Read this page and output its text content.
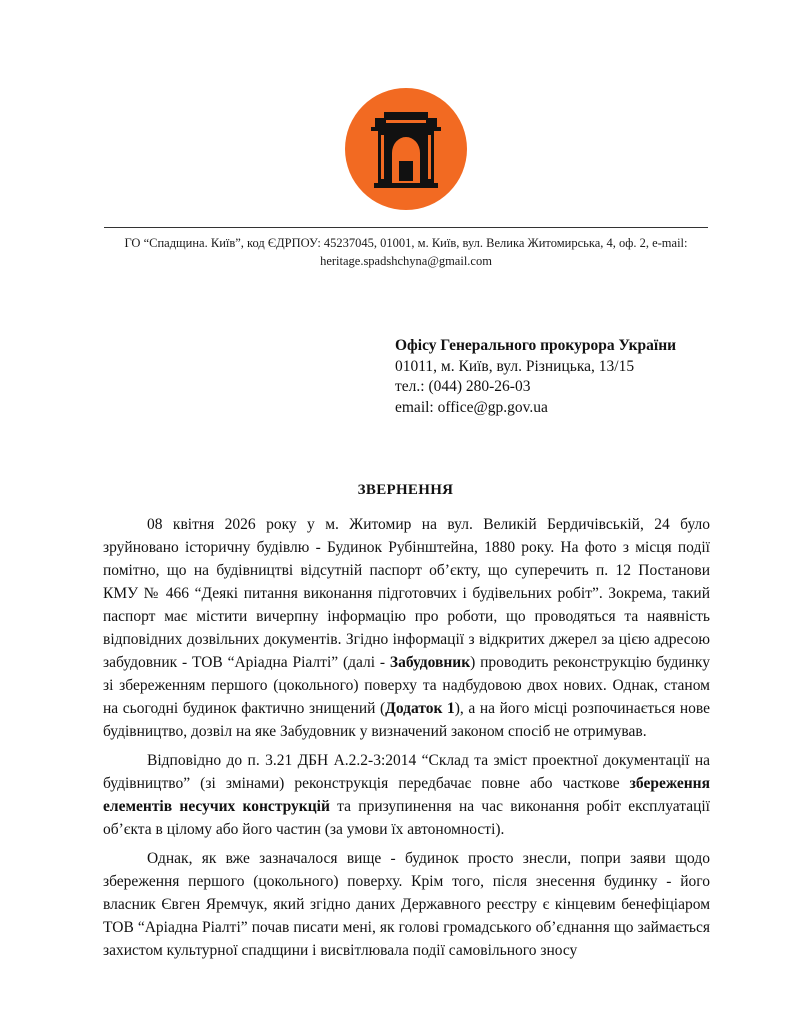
ГО “Спадщина. Київ”, код ЄДРПОУ: 45237045, 01001, м. Київ, вул. Велика Житомирська, 4, оф. 2, e-mail:
heritage.spadshchyna@gmail.com
Офісу Генерального прокурора України
01011, м. Київ, вул. Різницька, 13/15
тел.: (044) 280-26-03
email: office@gp.gov.ua
ЗВЕРНЕННЯ

08 квітня 2026 року у м. Житомир на вул. Великій Бердичівській, 24 було зруйновано історичну будівлю - Будинок Рубінштейна, 1880 року. На фото з місця події помітно, що на будівництві відсутній паспорт об’єкту, що суперечить п. 12 Постанови КМУ № 466 “Деякі питання виконання підготовчих і будівельних робіт”. Зокрема, такий паспорт має містити вичерпну інформацію про роботи, що проводяться та наявність відповідних дозвільних документів. Згідно інформації з відкритих джерел за цією адресою забудовник - ТОВ “Аріадна Ріалті” (далі - Забудовник) проводить реконструкцію будинку зі збереженням першого (цокольного) поверху та надбудовою двох нових. Однак, станом на сьогодні будинок фактично знищений (Додаток 1), а на його місці розпочинається нове будівництво, дозвіл на яке Забудовник у визначений законом спосіб не отримував.

Відповідно до п. 3.21 ДБН А.2.2-3:2014 “Склад та зміст проектної документації на будівництво” (зі змінами) реконструкція передбачає повне або часткове збереження елементів несучих конструкцій та призупинення на час виконання робіт експлуатації об’єкта в цілому або його частин (за умови їх автономності).

Однак, як вже зазначалося вище - будинок просто знесли, попри заяви щодо збереження першого (цокольного) поверху. Крім того, після знесення будинку - його власник Євген Яремчук, який згідно даних Державного реєстру є кінцевим бенефіціаром ТОВ “Аріадна Ріалті” почав писати мені, як голові громадського об’єднання що займається захистом культурної спадщини і висвітлювала події самовільного зносу
